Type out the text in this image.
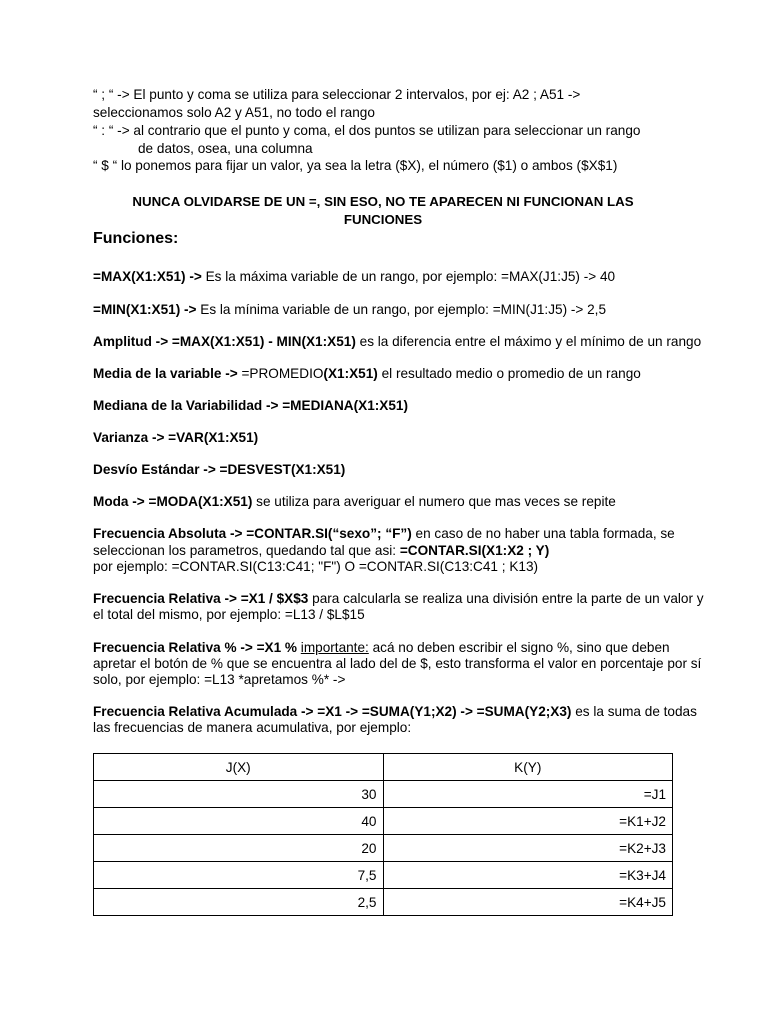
“ ; “ -> El punto y coma se utiliza para seleccionar 2 intervalos, por ej: A2 ; A51 ->
seleccionamos solo A2 y A51, no todo el rango
“ : “ -> al contrario que el punto y coma, el dos puntos se utilizan para seleccionar un rango
de datos, osea, una columna
“ $ “ lo ponemos para fijar un valor, ya sea la letra ($X), el número ($1) o ambos ($X$1)
NUNCA OLVIDARSE DE UN =, SIN ESO, NO TE APARECEN NI FUNCIONAN LAS
FUNCIONES
Funciones:
=MAX(X1:X51) -> Es la máxima variable de un rango, por ejemplo: =MAX(J1:J5) -> 40
=MIN(X1:X51) -> Es la mínima variable de un rango, por ejemplo: =MIN(J1:J5) -> 2,5
Amplitud -> =MAX(X1:X51) - MIN(X1:X51) es la diferencia entre el máximo y el mínimo de un rango
Media de la variable -> =PROMEDIO(X1:X51) el resultado medio o promedio de un rango
Mediana de la Variabilidad -> =MEDIANA(X1:X51)
Varianza -> =VAR(X1:X51)
Desvío Estándar -> =DESVEST(X1:X51)
Moda -> =MODA(X1:X51) se utiliza para averiguar el numero que mas veces se repite
Frecuencia Absoluta -> =CONTAR.SI(“sexo”; “F”) en caso de no haber una tabla formada, se
seleccionan los parametros, quedando tal que asi: =CONTAR.SI(X1:X2 ; Y)
por ejemplo: =CONTAR.SI(C13:C41; "F") O =CONTAR.SI(C13:C41 ; K13)
Frecuencia Relativa -> =X1 / $X$3 para calcularla se realiza una división entre la parte de un valor y
el total del mismo, por ejemplo: =L13 / $L$15
Frecuencia Relativa % -> =X1 % importante: acá no deben escribir el signo %, sino que deben
apretar el botón de % que se encuentra al lado del de $, esto transforma el valor en porcentaje por sí
solo, por ejemplo: =L13 *apretamos %* ->
Frecuencia Relativa Acumulada -> =X1 -> =SUMA(Y1;X2) -> =SUMA(Y2;X3) es la suma de todas
las frecuencias de manera acumulativa, por ejemplo:
J(X)	K(Y)
30	=J1
40	=K1+J2
20	=K2+J3
7,5	=K3+J4
2,5	=K4+J5
